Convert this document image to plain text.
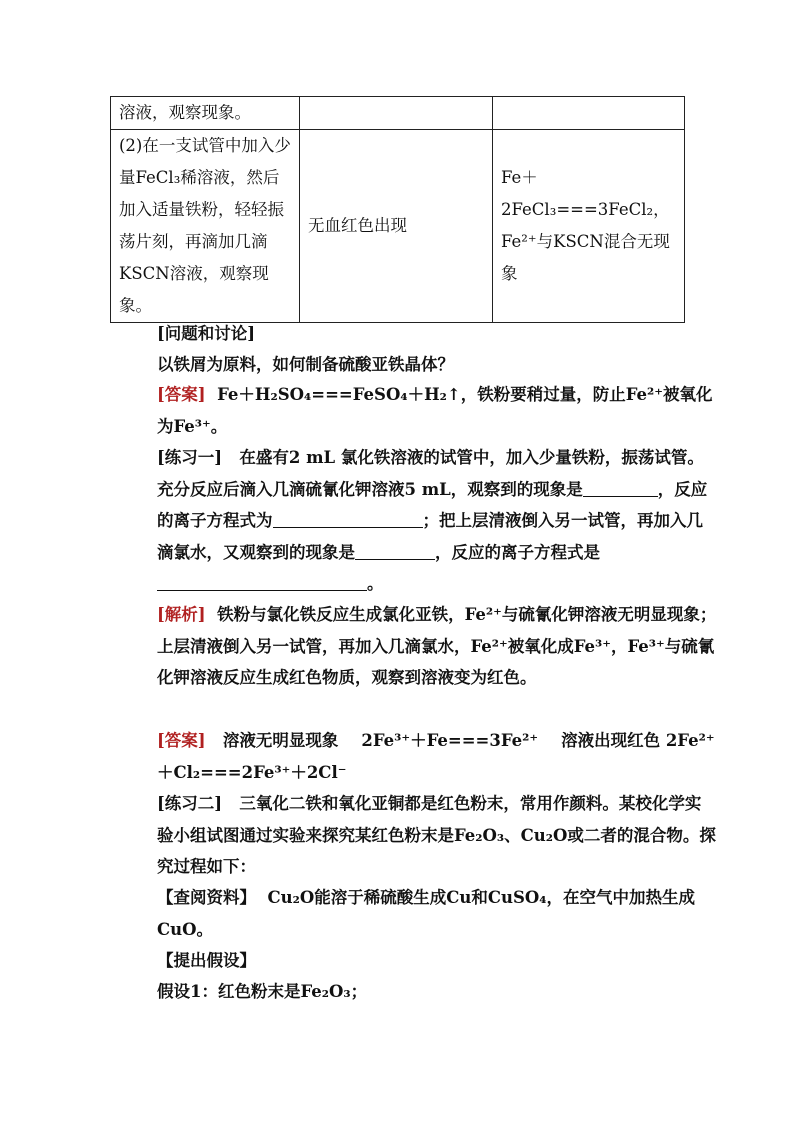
溶液，观察现象。		
(2)在一支试管中加入少量FeCl₃稀溶液，然后加入适量铁粉，轻轻振荡片刻，再滴加几滴KSCN溶液，观察现象。	无血红色出现	Fe＋2FeCl₃===3FeCl₂，Fe²⁺与KSCN混合无现象
[问题和讨论]
以铁屑为原料，如何制备硫酸亚铁晶体？
[答案] Fe＋H₂SO₄===FeSO₄＋H₂↑，铁粉要稍过量，防止Fe²⁺被氧化为Fe³⁺。
[练习一] 在盛有2 mL 氯化铁溶液的试管中，加入少量铁粉，振荡试管。充分反应后滴入几滴硫氰化钾溶液5 mL，观察到的现象是	，反应的离子方程式为	；把上层清液倒入另一试管，再加入几滴氯水，又观察到的现象是	，反应的离子方程式是。
[解析] 铁粉与氯化铁反应生成氯化亚铁，Fe²⁺与硫氰化钾溶液无明显现象；上层清液倒入另一试管，再加入几滴氯水，Fe²⁺被氧化成Fe³⁺，Fe³⁺与硫氰化钾溶液反应生成红色物质，观察到溶液变为红色。
[答案] 溶液无明显现象 2Fe³⁺＋Fe===3Fe²⁺ 溶液出现红色 2Fe²⁺＋Cl₂===2Fe³⁺＋2Cl⁻
[练习二] 三氧化二铁和氧化亚铜都是红色粉末，常用作颜料。某校化学实验小组试图通过实验来探究某红色粉末是Fe₂O₃、Cu₂O或二者的混合物。探究过程如下：
【查阅资料】 Cu₂O能溶于稀硫酸生成Cu和CuSO₄，在空气中加热生成CuO。
【提出假设】
假设1：红色粉末是Fe₂O₃；
